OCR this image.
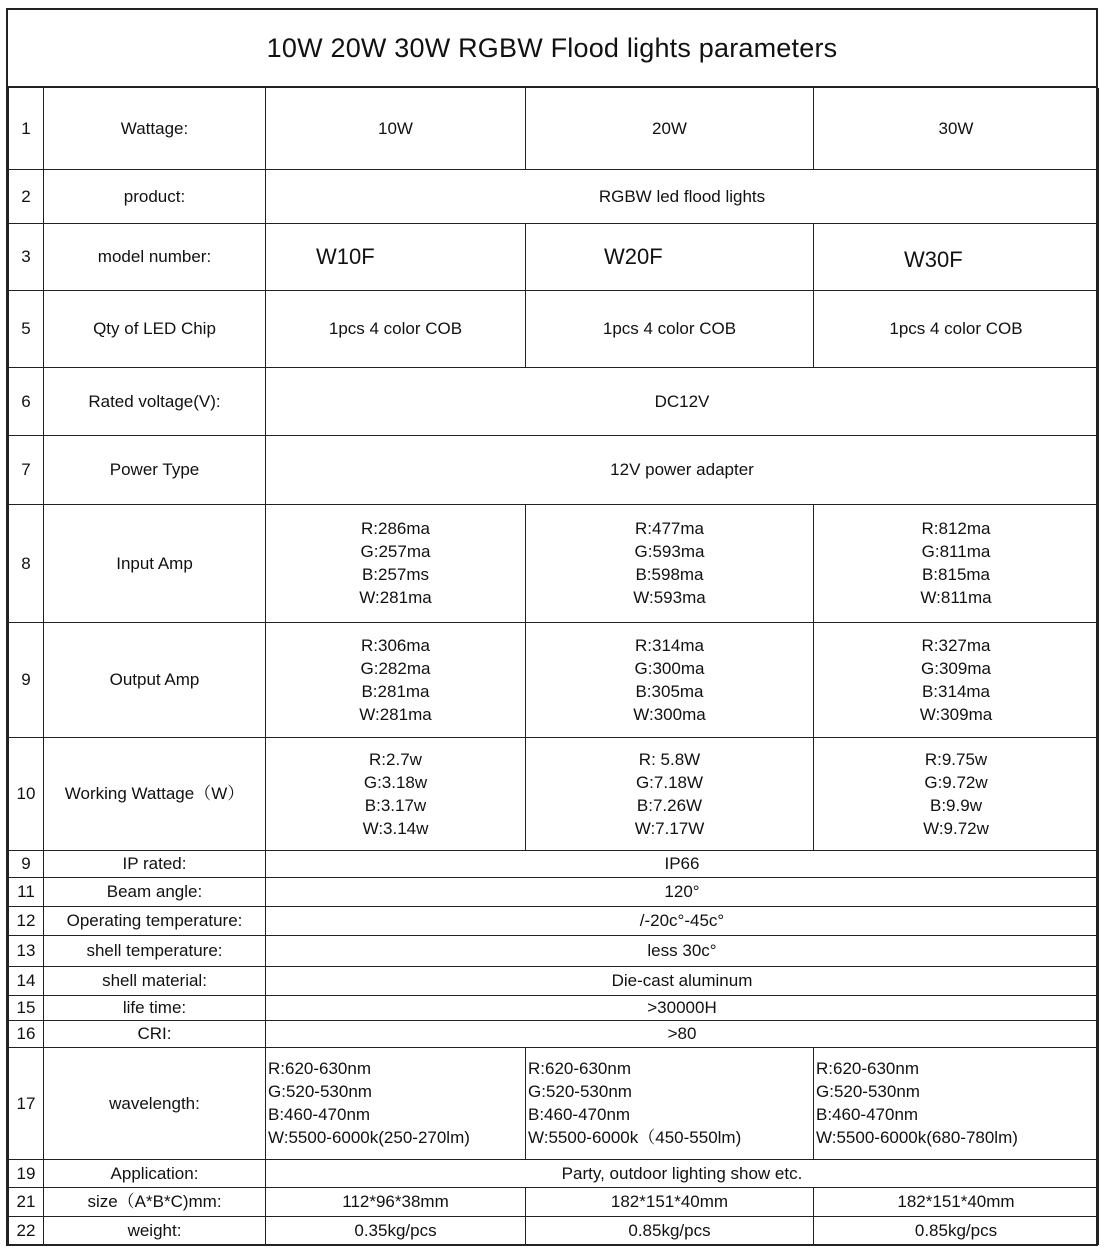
10W 20W 30W RGBW Flood lights parameters
1	Wattage:	10W	20W	30W
2	product:	RGBW led flood lights		
3	model number:	W10F	W20F	W30F
5	Qty of LED Chip	1pcs 4 color COB	1pcs 4 color COB	1pcs 4 color COB
6	Rated voltage(V):	DC12V		
7	Power Type	12V power adapter		
8	Input Amp	R:286ma
G:257ma
B:257ms
W:281ma	R:477ma
G:593ma
B:598ma
W:593ma	R:812ma
G:811ma
B:815ma
W:811ma

9	Output Amp	R:306ma
G:282ma
B:281ma
W:281ma	R:314ma
G:300ma
B:305ma
W:300ma	R:327ma
G:309ma
B:314ma
W:309ma

10	Working Wattage（W）	R:2.7w
G:3.18w
B:3.17w
W:3.14w	R: 5.8W
G:7.18W
B:7.26W
W:7.17W	R:9.75w
G:9.72w
B:9.9w
W:9.72w

9	IP rated:	IP66		
11	Beam angle:	120°		
12	Operating temperature:	/-20c°-45c°		
13	shell temperature:	less 30c°		
14	shell material:	Die-cast aluminum		
15	life time:	>30000H		
16	CRI:	>80		
17	wavelength:	R:620-630nm
G:520-530nm
B:460-470nm
W:5500-6000k(250-270lm)	R:620-630nm
G:520-530nm
B:460-470nm
W:5500-6000k（450-550lm)	R:620-630nm
G:520-530nm
B:460-470nm
W:5500-6000k(680-780lm)

19	Application:	Party, outdoor lighting show etc.		
21	size（A*B*C)mm:	112*96*38mm	182*151*40mm	182*151*40mm
22	weight:	0.35kg/pcs	0.85kg/pcs	0.85kg/pcs
